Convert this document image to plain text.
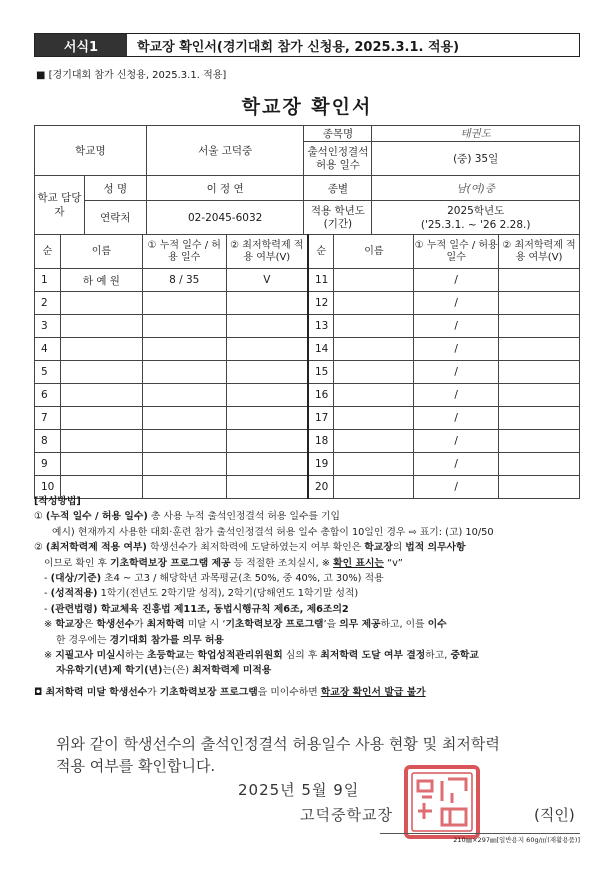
서식1	학교장 확인서(경기대회 참가 신청용, 2025.3.1. 적용)
■ [경기대회 참가 신청용, 2025.3.1. 적용]
학교장 확인서
학교명		서울 고덕중	종목명	태권도
			출석인정결석 허용 일수	(중) 35일
학교 담당자	성 명	이 정 연	종별	남(여)중
	연락처	02-2045-6032	적용 학년도 (기간)	2025학년도
('25.3.1. ~ '26 2.28.)
순	이름	① 누적 일수 / 허용 일수	② 최저학력제 적용 여부(V)	순	이름	① 누적 일수 / 허용 일수	② 최저학력제 적용 여부(V)
1	하 예 원	8 / 35	V	11		/	
2				12		/	
3				13		/	
4				14		/	
5				15		/	
6				16		/	
7				17		/	
8				18		/	
9				19		/	
10				20		/	
[작성방법]
① (누적 일수 / 허용 일수) 총 사용 누적 출석인정결석 허용 일수를 기입
예시) 현재까지 사용한 대회·훈련 참가 출석인정결석 허용 일수 총합이 10일인 경우 ⇨ 표기: (고) 10/50
② (최저학력제 적용 여부) 학생선수가 최저학력에 도달하였는지 여부 확인은 학교장의 법적 의무사항
이므로 확인 후 기초학력보장 프로그램 제공 등 적절한 조치실시, ※ 확인 표시는 “v”
- (대상/기준) 초4 ~ 고3 / 해당학년 과목평균(초 50%, 중 40%, 고 30%) 적용
- (성적적용) 1학기(전년도 2학기말 성적), 2학기(당해연도 1학기말 성적)
- (관련법령) 학교체육 진흥법 제11조, 동법시행규칙 제6조, 제6조의2
※ 학교장은 학생선수가 최저학력 미달 시 ‘기초학력보장 프로그램’을 의무 제공하고, 이를 이수
한 경우에는 경기대회 참가를 의무 허용
※ 지필고사 미실시하는 초등학교는 학업성적관리위원회 심의 후 최저학력 도달 여부 결정하고, 중학교
자유학기(년)제 학기(년)는(은) 최저학력제 미적용
◘ 최저학력 미달 학생선수가 기초학력보장 프로그램을 미이수하면 학교장 확인서 발급 불가
위와 같이 학생선수의 출석인정결석 허용일수 사용 현황 및 최저학력
적용 여부를 확인합니다.
2025년 5월 9일
고덕중학교장	(직인)
210㎜×297㎜[일반용지 60g/㎡(재활용품)]
